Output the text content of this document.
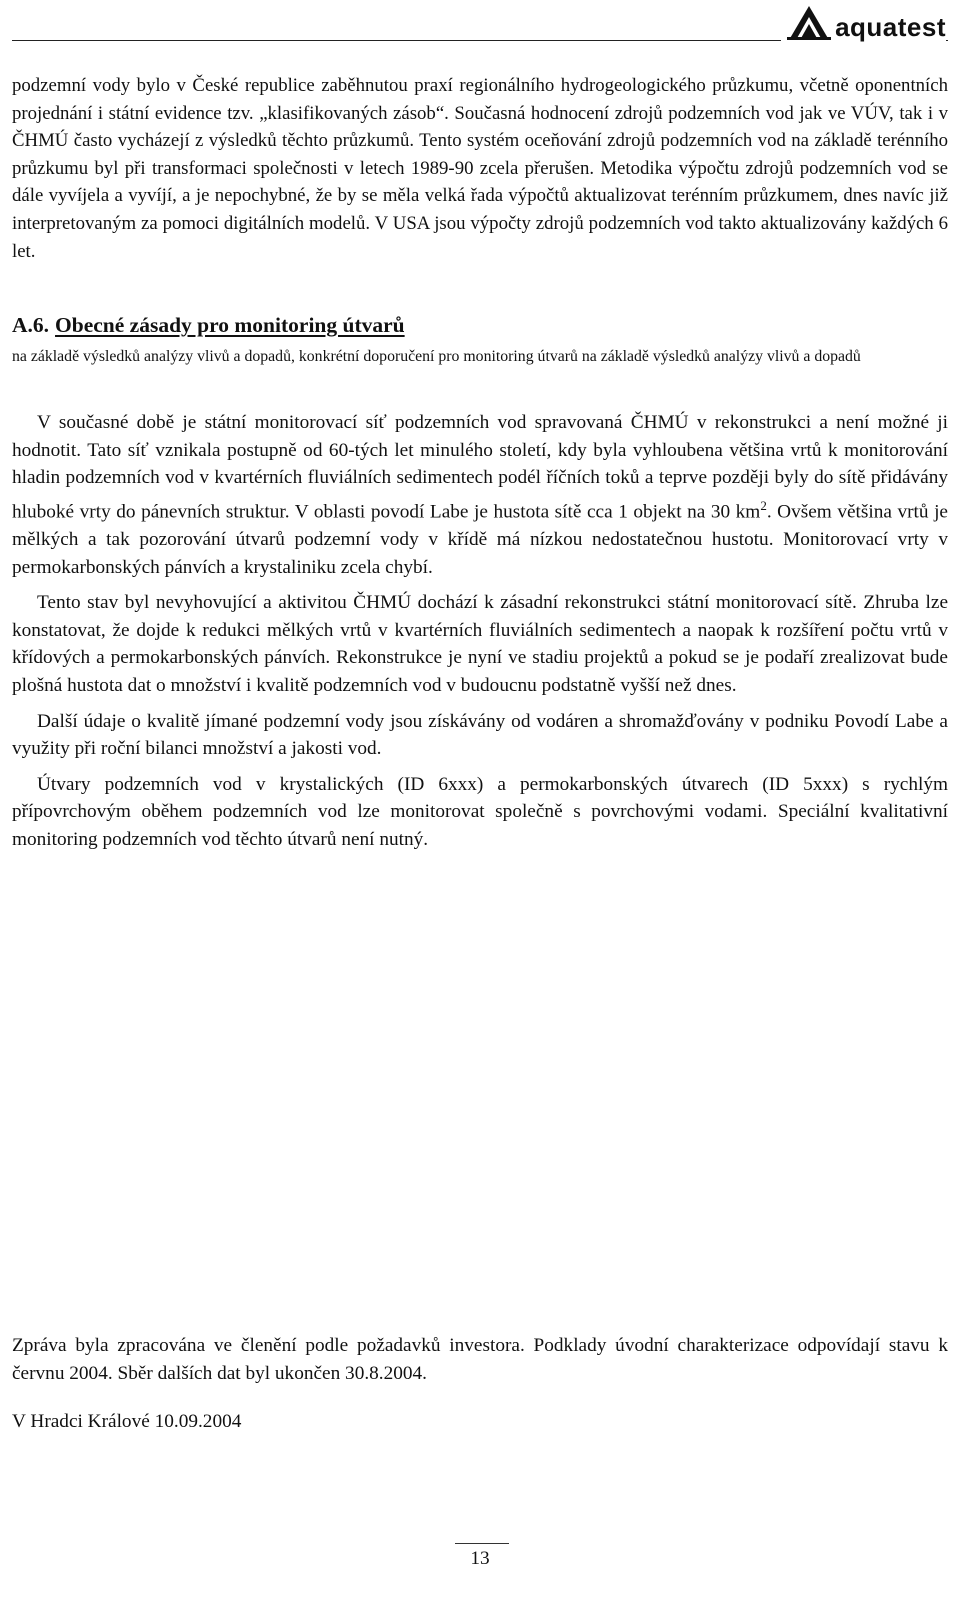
aquatest

podzemní vody bylo v České republice zaběhnutou praxí regionálního hydrogeologického průzkumu, včetně oponentních projednání i státní evidence tzv. „klasifikovaných zásob“. Současná hodnocení zdrojů podzemních vod jak ve VÚV, tak i v ČHMÚ často vycházejí z výsledků těchto průzkumů. Tento systém oceňování zdrojů podzemních vod na základě terénního průzkumu byl při transformaci společnosti v letech 1989-90 zcela přerušen. Metodika výpočtu zdrojů podzemních vod se dále vyvíjela a vyvíjí, a je nepochybné, že by se měla velká řada výpočtů aktualizovat terénním průzkumem, dnes navíc již interpretovaným za pomoci digitálních modelů. V USA jsou výpočty zdrojů podzemních vod takto aktualizovány každých 6 let.

A.6. Obecné zásady pro monitoring útvarů
na základě výsledků analýzy vlivů a dopadů, konkrétní doporučení pro monitoring útvarů na základě výsledků analýzy vlivů a dopadů

V současné době je státní monitorovací síť podzemních vod spravovaná ČHMÚ v rekonstrukci a není možné ji hodnotit. Tato síť vznikala postupně od 60-tých let minulého století, kdy byla vyhloubena většina vrtů k monitorování hladin podzemních vod v kvartérních fluviálních sedimentech podél říčních toků a teprve později byly do sítě přidávány hluboké vrty do pánevních struktur. V oblasti povodí Labe je hustota sítě cca 1 objekt na 30 $km^2$. Ovšem většina vrtů je mělkých a tak pozorování útvarů podzemní vody v křídě má nízkou nedostatečnou hustotu. Monitorovací vrty v permokarbonských pánvích a krystaliniku zcela chybí.

Tento stav byl nevyhovující a aktivitou ČHMÚ dochází k zásadní rekonstrukci státní monitorovací sítě. Zhruba lze konstatovat, že dojde k redukci mělkých vrtů v kvartérních fluviálních sedimentech a naopak k rozšíření počtu vrtů v křídových a permokarbonských pánvích. Rekonstrukce je nyní ve stadiu projektů a pokud se je podaří zrealizovat bude plošná hustota dat o množství i kvalitě podzemních vod v budoucnu podstatně vyšší než dnes.

Další údaje o kvalitě jímané podzemní vody jsou získávány od vodáren a shromažďovány v podniku Povodí Labe a využity při roční bilanci množství a jakosti vod.

Útvary podzemních vod v krystalických (ID 6xxx) a permokarbonských útvarech (ID 5xxx) s rychlým přípovrchovým oběhem podzemních vod lze monitorovat společně s povrchovými vodami. Speciální kvalitativní monitoring podzemních vod těchto útvarů není nutný.

Zpráva byla zpracována ve členění podle požadavků investora. Podklady úvodní charakterizace odpovídají stavu k červnu 2004. Sběr dalších dat byl ukončen 30.8.2004.

V Hradci Králové 10.09.2004
13
